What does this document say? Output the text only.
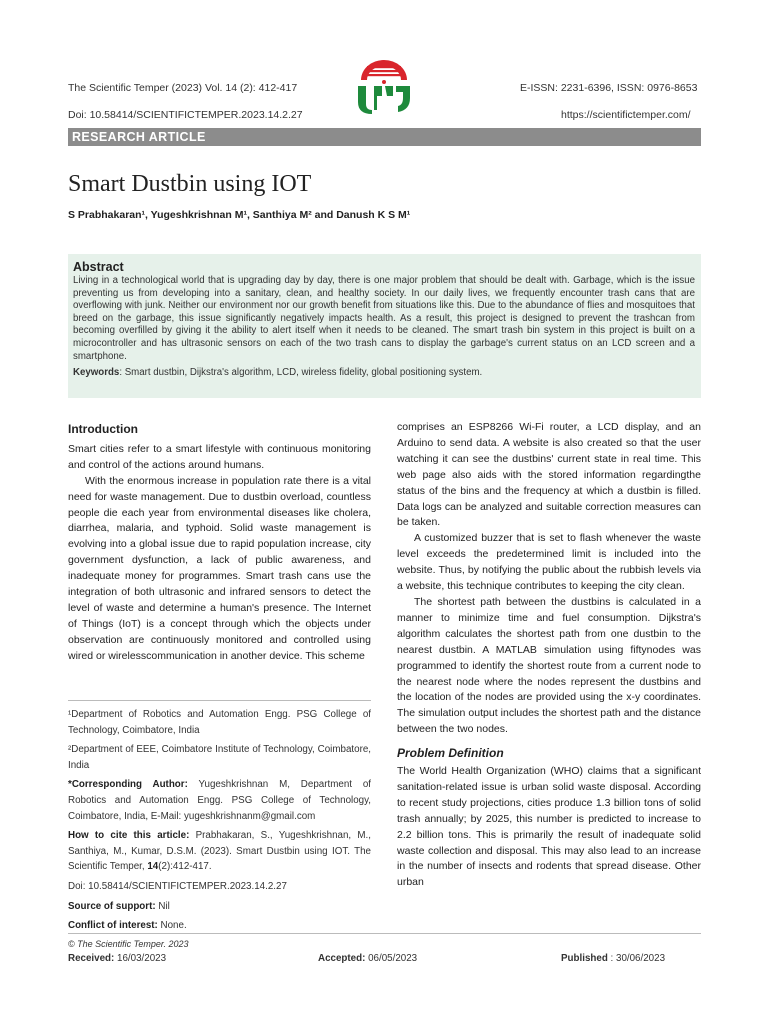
The Scientific Temper (2023) Vol. 14 (2): 412-417
Doi: 10.58414/SCIENTIFICTEMPER.2023.14.2.27
E-ISSN: 2231-6396, ISSN: 0976-8653
https://scientifictemper.com/
RESEARCH ARTICLE
Smart Dustbin using IOT
S Prabhakaran¹, Yugeshkrishnan M¹, Santhiya M² and Danush K S M¹
Abstract

Living in a technological world that is upgrading day by day, there is one major problem that should be dealt with. Garbage, which is the issue preventing us from developing into a sanitary, clean, and healthy society. In our daily lives, we frequently encounter trash cans that are overflowing with junk. Neither our environment nor our growth benefit from situations like this. Due to the abundance of flies and mosquitoes that breed on the garbage, this issue significantly negatively impacts health. As a result, this project is designed to prevent the trashcan from becoming overfilled by giving it the ability to alert itself when it needs to be cleaned. The smart trash bin system in this project is built on a microcontroller and has ultrasonic sensors on each of the two trash cans to display the garbage's current status on an LCD screen and a smartphone.

Keywords: Smart dustbin, Dijkstra's algorithm, LCD, wireless fidelity, global positioning system.

Introduction

Smart cities refer to a smart lifestyle with continuous monitoring and control of the actions around humans.

With the enormous increase in population rate there is a vital need for waste management. Due to dustbin overload, countless people die each year from environmental diseases like cholera, diarrhea, malaria, and typhoid. Solid waste management is evolving into a global issue due to rapid population increase, city government dysfunction, a lack of public awareness, and inadequate money for programmes. Smart trash cans use the integration of both ultrasonic and infrared sensors to detect the level of waste and determine a human's presence. The Internet of Things (IoT) is a concept through which the objects under observation are continuously monitored and controlled using wired or wirelesscommunication in another device. This scheme

¹Department of Robotics and Automation Engg. PSG College of Technology, Coimbatore, India

²Department of EEE, Coimbatore Institute of Technology, Coimbatore, India

*Corresponding Author: Yugeshkrishnan M, Department of Robotics and Automation Engg. PSG College of Technology, Coimbatore, India, E-Mail: yugeshkrishnanm@gmail.com

How to cite this article: Prabhakaran, S., Yugeshkrishnan, M., Santhiya, M., Kumar, D.S.M. (2023). Smart Dustbin using IOT. The Scientific Temper, 14(2):412-417.

Doi: 10.58414/SCIENTIFICTEMPER.2023.14.2.27

Source of support: Nil

Conflict of interest: None.

comprises an ESP8266 Wi-Fi router, a LCD display, and an Arduino to send data. A website is also created so that the user watching it can see the dustbins' current state in real time. This web page also aids with the stored information regardingthe status of the bins and the frequency at which a dustbin is filled. Data logs can be analyzed and suitable correction measures can be taken.

A customized buzzer that is set to flash whenever the waste level exceeds the predetermined limit is included into the website. Thus, by notifying the public about the rubbish levels via a website, this technique contributes to keeping the city clean.

The shortest path between the dustbins is calculated in a manner to minimize time and fuel consumption. Dijkstra's algorithm calculates the shortest path from one dustbin to the nearest dustbin. A MATLAB simulation using fiftynodes was programmed to identify the shortest route from a current node to the nearest node where the nodes represent the dustbins and the location of the nodes are provided using the x-y coordinates. The simulation output includes the shortest path and the distance between the two nodes.

Problem Definition

The World Health Organization (WHO) claims that a significant sanitation-related issue is urban solid waste disposal. According to recent study projections, cities produce 1.3 billion tons of solid trash annually; by 2025, this number is predicted to increase to 2.2 billion tons. This is primarily the result of inadequate solid waste collection and disposal. This may also lead to an increase in the number of insects and rodents that spread disease. Other urban

© The Scientific Temper. 2023
Received: 16/03/2023	Accepted: 06/05/2023	Published : 30/06/2023
